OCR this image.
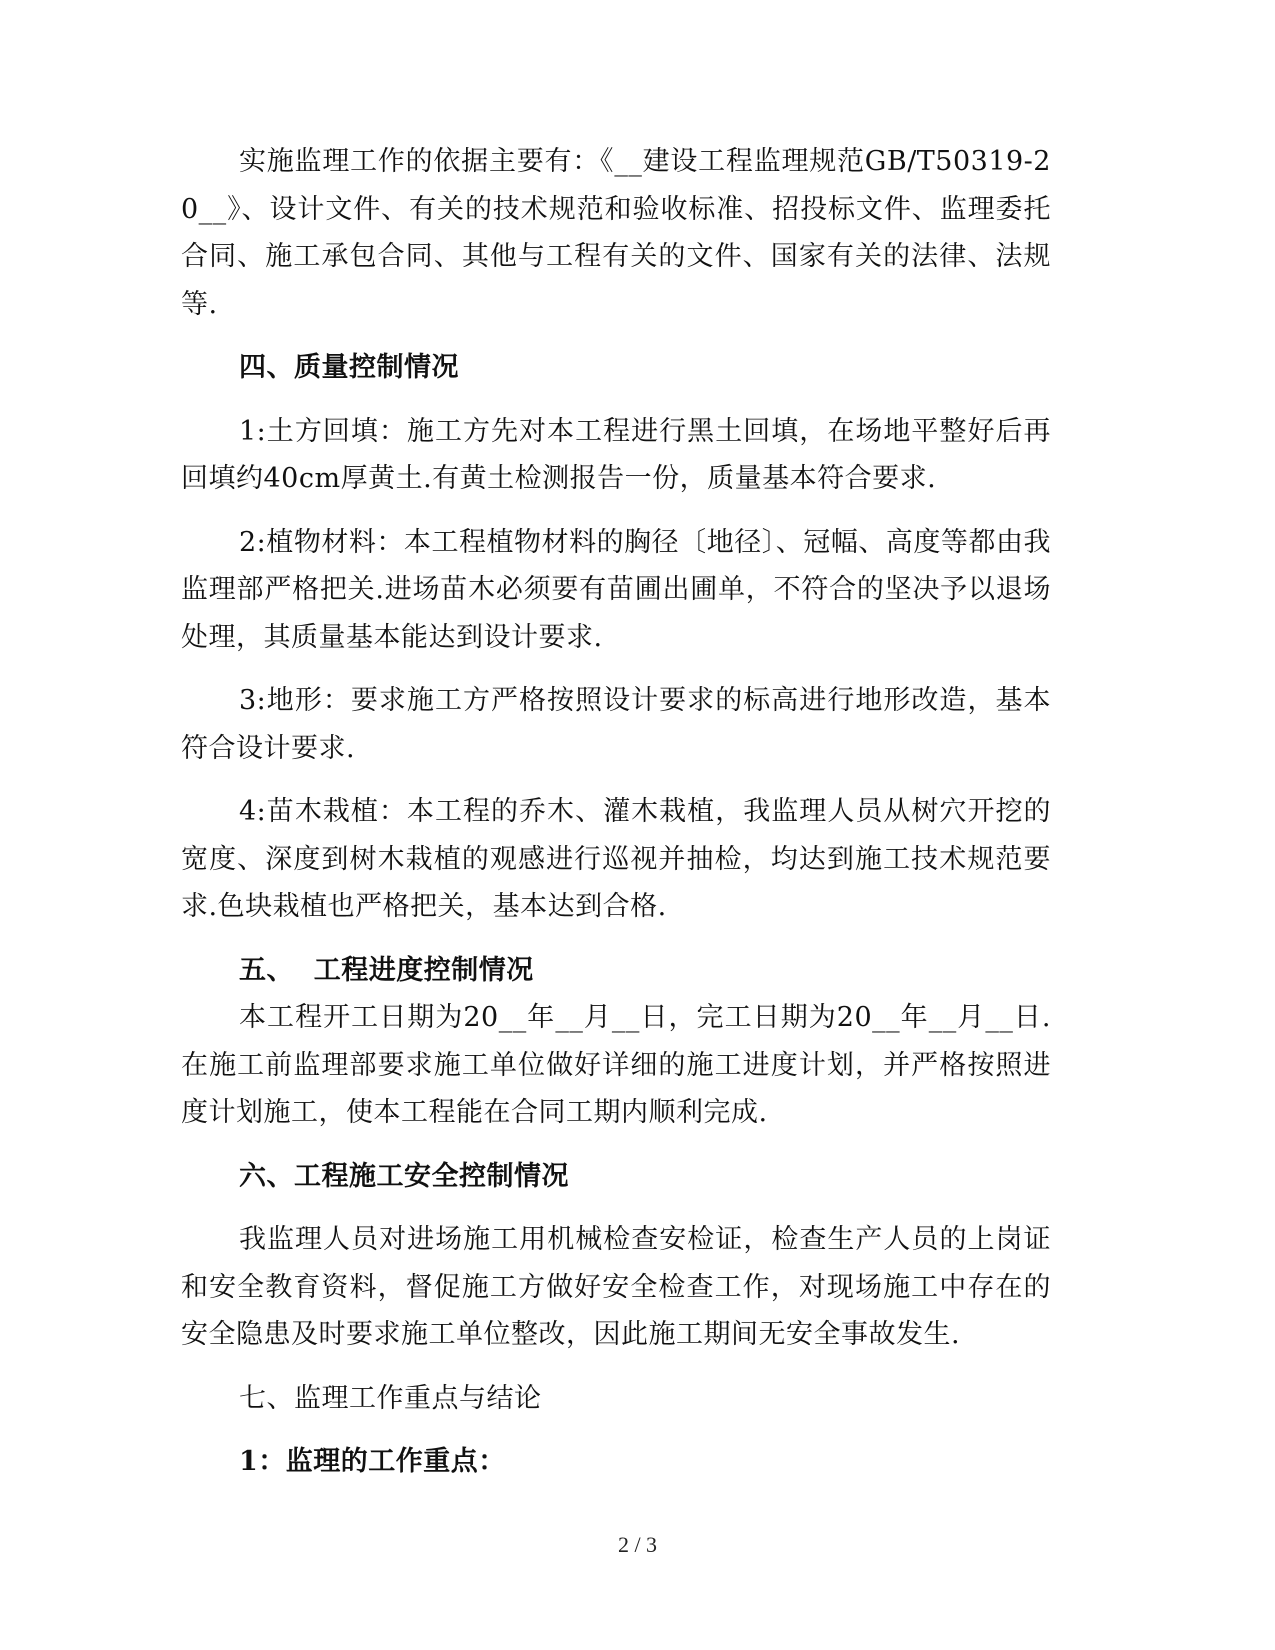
实施监理工作的依据主要有：《__建设工程监理规范GB/T50319-20__》、设计文件、有关的技术规范和验收标准、招投标文件、监理委托合同、施工承包合同、其他与工程有关的文件、国家有关的法律、法规等.

四、质量控制情况

1:土方回填：施工方先对本工程进行黑土回填，在场地平整好后再回填约40cm厚黄土.有黄土检测报告一份，质量基本符合要求.

2:植物材料：本工程植物材料的胸径〔地径〕、冠幅、高度等都由我监理部严格把关.进场苗木必须要有苗圃出圃单，不符合的坚决予以退场处理，其质量基本能达到设计要求.

3:地形：要求施工方严格按照设计要求的标高进行地形改造，基本符合设计要求.

4:苗木栽植：本工程的乔木、灌木栽植，我监理人员从树穴开挖的宽度、深度到树木栽植的观感进行巡视并抽检，均达到施工技术规范要求.色块栽植也严格把关，基本达到合格.

五、  工程进度控制情况

本工程开工日期为20__年__月__日，完工日期为20__年__月__日.在施工前监理部要求施工单位做好详细的施工进度计划，并严格按照进度计划施工，使本工程能在合同工期内顺利完成.

六、工程施工安全控制情况

我监理人员对进场施工用机械检查安检证，检查生产人员的上岗证和安全教育资料，督促施工方做好安全检查工作，对现场施工中存在的安全隐患及时要求施工单位整改，因此施工期间无安全事故发生.

七、监理工作重点与结论

1：监理的工作重点：

2 / 3
